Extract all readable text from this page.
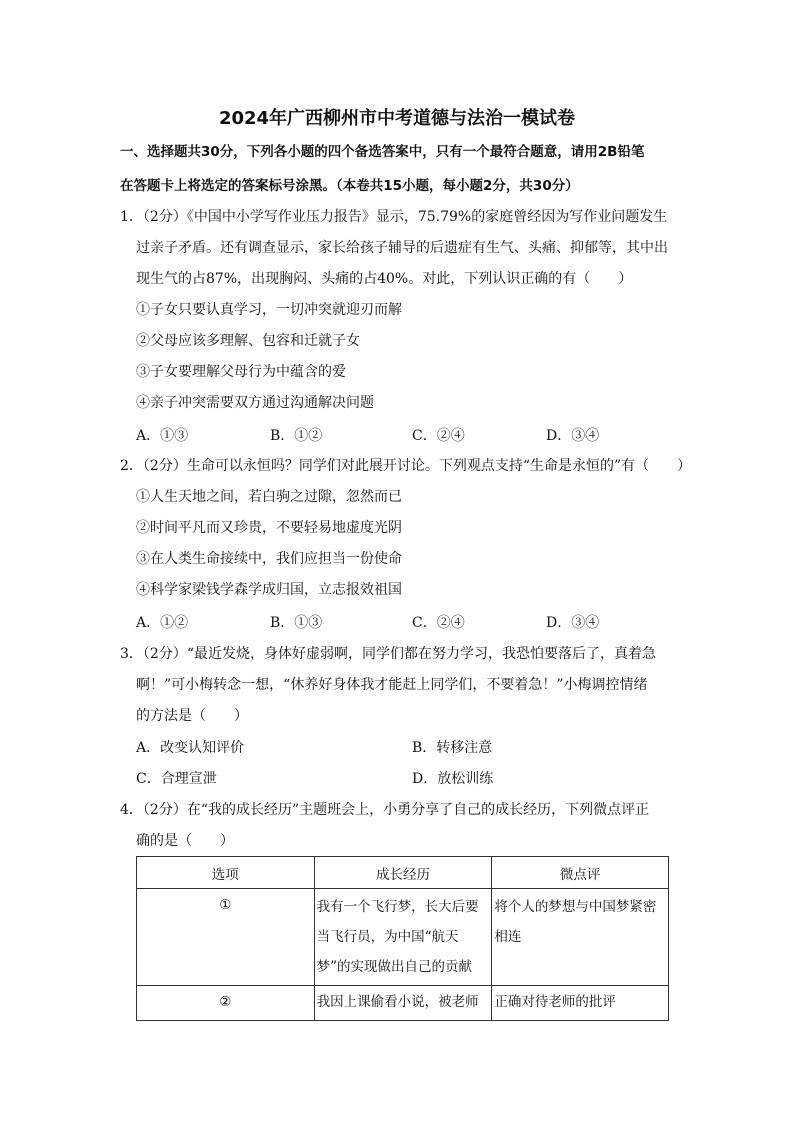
2024年广西柳州市中考道德与法治一模试卷
一、选择题共30分，下列各小题的四个备选答案中，只有一个最符合题意，请用2B铅笔
在答题卡上将选定的答案标号涂黑。（本卷共15小题，每小题2分，共30分）
1．（2分）《中国中小学写作业压力报告》显示，75.79%的家庭曾经因为写作业问题发生
过亲子矛盾。还有调查显示，家长给孩子辅导的后遗症有生气、头痛、抑郁等，其中出
现生气的占87%，出现胸闷、头痛的占40%。对此，下列认识正确的有（　　）
①子女只要认真学习，一切冲突就迎刃而解
②父母应该多理解、包容和迁就子女
③子女要理解父母行为中蕴含的爱
④亲子冲突需要双方通过沟通解决问题
A．①③	B．①②	C．②④	D．③④
2．（2分）生命可以永恒吗？同学们对此展开讨论。下列观点支持“生命是永恒的”有（　　）
①人生天地之间，若白驹之过隙，忽然而已
②时间平凡而又珍贵，不要轻易地虚度光阴
③在人类生命接续中，我们应担当一份使命
④科学家梁钱学森学成归国，立志报效祖国
A．①②	B．①③	C．②④	D．③④
3．（2分）“最近发烧，身体好虚弱啊，同学们都在努力学习，我恐怕要落后了，真着急
啊！”可小梅转念一想，“休养好身体我才能赶上同学们，不要着急！”小梅调控情绪
的方法是（　　）
A．改变认知评价	B．转移注意
C．合理宣泄	D．放松训练
4．（2分）在“我的成长经历”主题班会上，小勇分享了自己的成长经历，下列微点评正
确的是（　　）
选项	成长经历	微点评
①	我有一个飞行梦，长大后要当飞行员，为中国“航天梦”的实现做出自己的贡献	将个人的梦想与中国梦紧密相连

②	我因上课偷看小说，被老师	正确对待老师的批评
